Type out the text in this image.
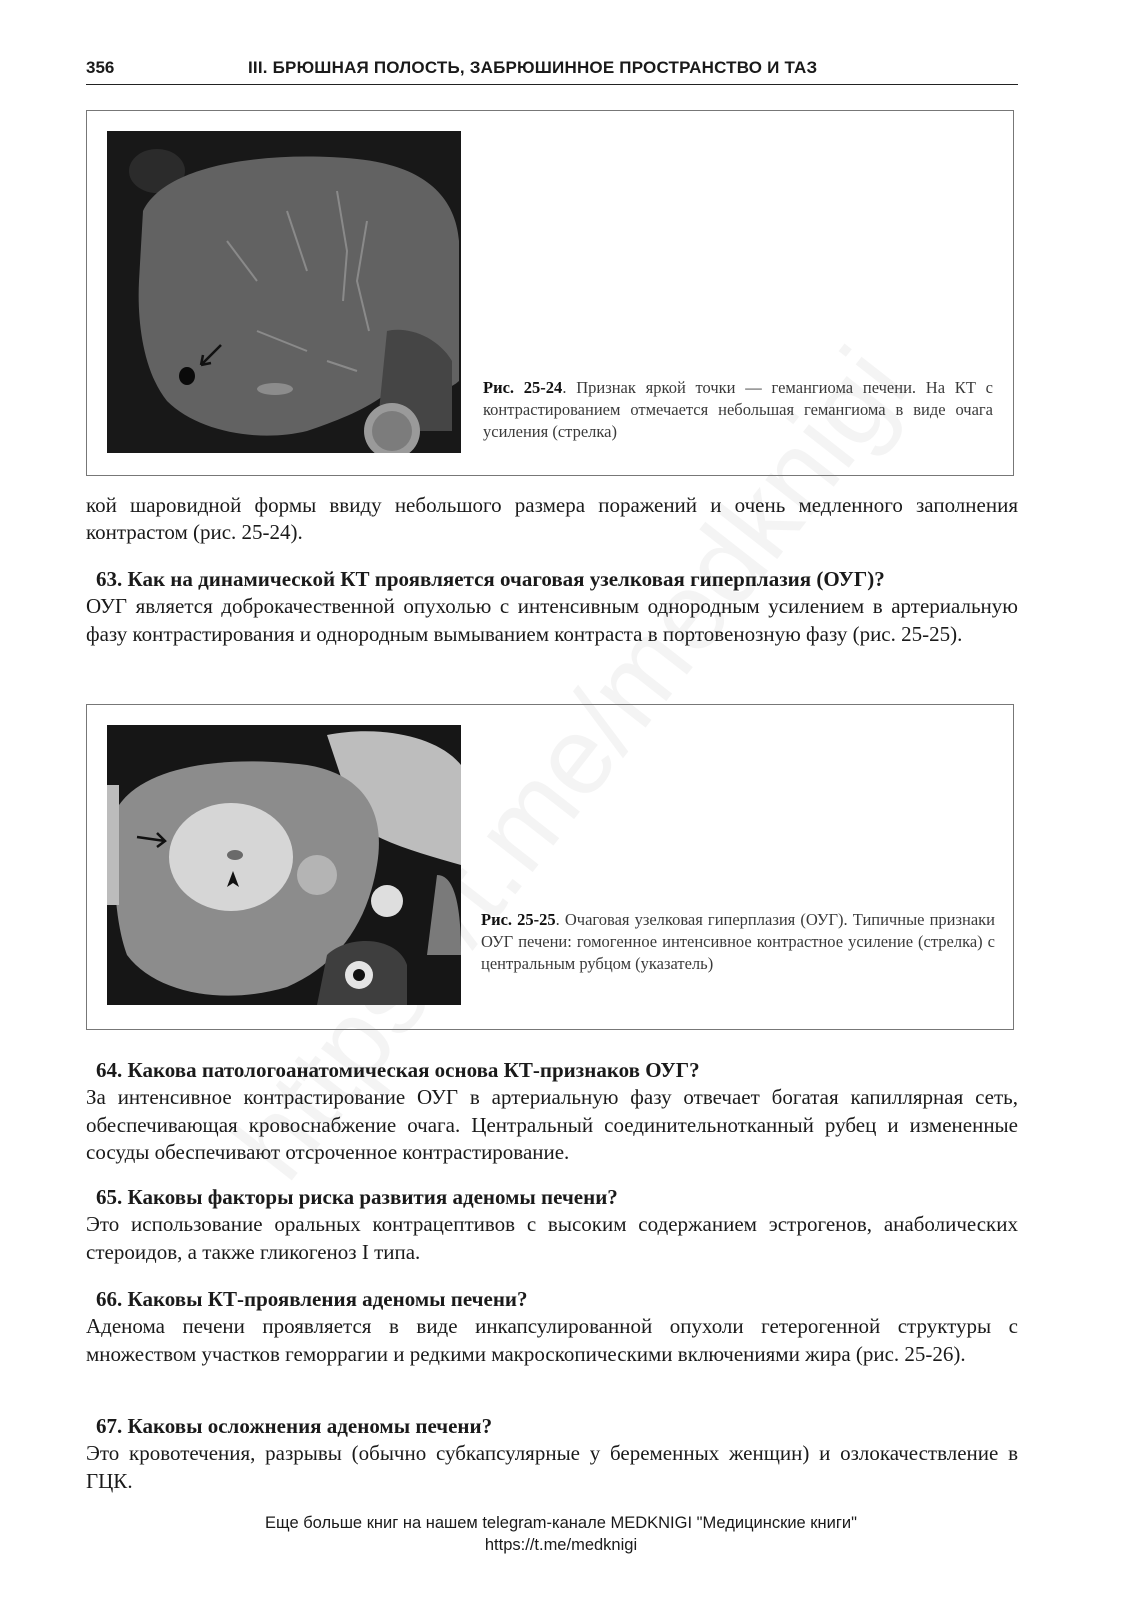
356	III. БРЮШНАЯ ПОЛОСТЬ, ЗАБРЮШИННОЕ ПРОСТРАНСТВО И ТАЗ
Рис. 25-24. Признак яркой точки — гемангиома печени. На КТ с контрастированием отмечается небольшая гемангиома в виде очага усиления (стрелка)

кой шаровидной формы ввиду небольшого размера поражений и очень медленного заполнения контрастом (рис. 25-24).

63. Как на динамической КТ проявляется очаговая узелковая гиперплазия (ОУГ)?

ОУГ является доброкачественной опухолью с интенсивным однородным усилением в артериальную фазу контрастирования и однородным вымыванием контраста в портовенозную фазу (рис. 25-25).

Рис. 25-25. Очаговая узелковая гиперплазия (ОУГ). Типичные признаки ОУГ печени: гомогенное интенсивное контрастное усиление (стрелка) с центральным рубцом (указатель)

64. Какова патологоанатомическая основа КТ-признаков ОУГ?

За интенсивное контрастирование ОУГ в артериальную фазу отвечает богатая капиллярная сеть, обеспечивающая кровоснабжение очага. Центральный соединительнотканный рубец и измененные сосуды обеспечивают отсроченное контрастирование.

65. Каковы факторы риска развития аденомы печени?

Это использование оральных контрацептивов с высоким содержанием эстрогенов, анаболических стероидов, а также гликогеноз I типа.

66. Каковы КТ-проявления аденомы печени?

Аденома печени проявляется в виде инкапсулированной опухоли гетерогенной структуры с множеством участков геморрагии и редкими макроскопическими включениями жира (рис. 25-26).

67. Каковы осложнения аденомы печени?

Это кровотечения, разрывы (обычно субкапсулярные у беременных женщин) и озлокачествление в ГЦК.

Еще больше книг на нашем telegram-канале MEDKNIGI "Медицинские книги"
https://t.me/medknigi
